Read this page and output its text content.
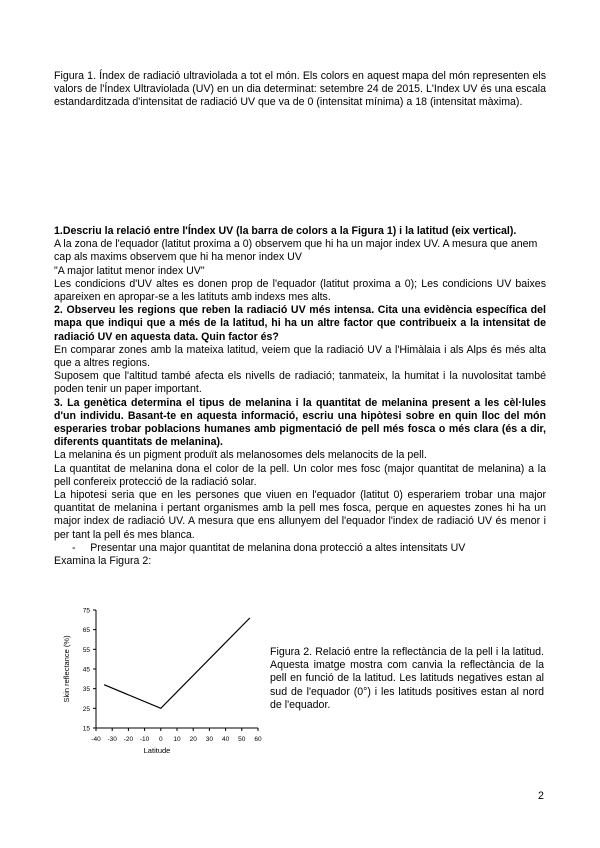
Figura 1. Índex de radiació ultraviolada a tot el món. Els colors en aquest mapa del món representen els valors de l'Índex Ultraviolada (UV) en un dia determinat: setembre 24 de 2015. L'Index UV és una escala estandarditzada d'intensitat de radiació UV que va de 0 (intensitat mínima) a 18 (intensitat màxima).

1.Descriu la relació entre l'Índex UV (la barra de colors a la Figura 1) i la latitud (eix vertical).

A la zona de l'equador (latitut proxima a 0) observem que hi ha un major index UV. A mesura que anem cap als maxims observem que hi ha menor index UV

"A major latitut menor index UV"

Les condicions d'UV altes es donen prop de l'equador (latitut proxima a 0); Les condicions UV baixes apareixen en apropar-se a les latituts amb indexs mes alts.

2. Observeu les regions que reben la radiació UV més intensa. Cita una evidència específica del mapa que indiqui que a més de la latitud, hi ha un altre factor que contribueix a la intensitat de radiació UV en aquesta data. Quin factor és?

En comparar zones amb la mateixa latitud, veiem que la radiació UV a l'Himàlaia i als Alps és més alta que a altres regions.

Suposem que l'altitud també afecta els nivells de radiació; tanmateix, la humitat i la nuvolositat també poden tenir un paper important.

3. La genètica determina el tipus de melanina i la quantitat de melanina present a les cèl·lules d'un individu. Basant-te en aquesta informació, escriu una hipòtesi sobre en quin lloc del món esperaries trobar poblacions humanes amb pigmentació de pell més fosca o més clara (és a dir, diferents quantitats de melanina).

La melanina és un pigment produït als melanosomes dels melanocits de la pell.

La quantitat de melanina dona el color de la pell. Un color mes fosc (major quantitat de melanina) a la pell confereix protecció de la radiació solar.

La hipotesi seria que en les persones que viuen en l'equador (latitut 0) esperariem trobar una major quantitat de melanina i pertant organismes amb la pell mes fosca, perque en aquestes zones hi ha un major index de radiació UV. A mesura que ens allunyem del l'equador l'index de radiació UV és menor i per tant la pell és mes blanca.

- Presentar una major quantitat de melanina dona protecció a altes intensitats UV

Examina la Figura 2:

15
25
35
45
55
65
75
-40 -30 -20 -10 0 10 20 30 40 50 60
Skin reflectance (%)
Latitude
Figura 2. Relació entre la reflectància de la pell i la latitud. Aquesta imatge mostra com canvia la reflectància de la pell en funció de la latitud. Les latituds negatives estan al sud de l'equador (0°) i les latituds positives estan al nord de l'equador.
2
